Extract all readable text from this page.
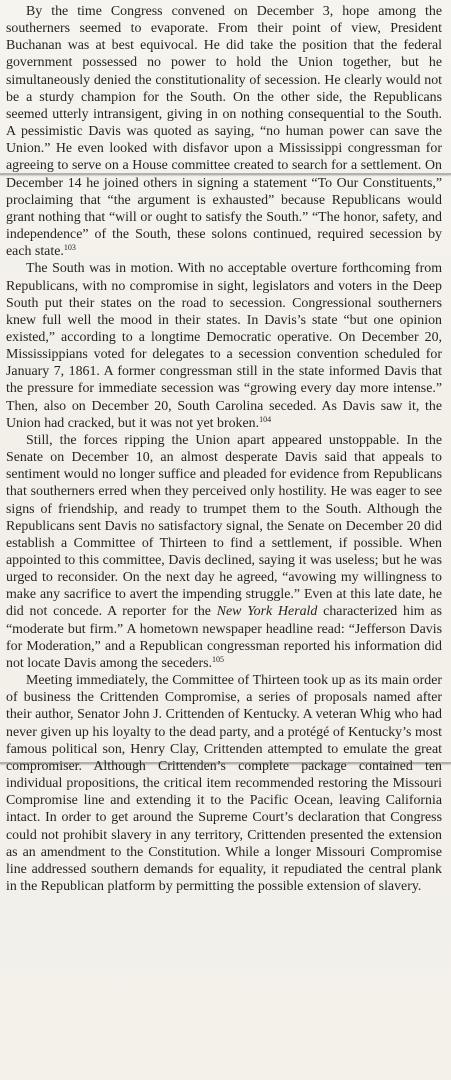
By the time Congress convened on December 3, hope among the southerners seemed to evaporate. From their point of view, President Buchanan was at best equivocal. He did take the position that the federal government possessed no power to hold the Union together, but he simultaneously denied the constitutionality of secession. He clearly would not be a sturdy champion for the South. On the other side, the Republicans seemed utterly intransigent, giving in on nothing consequential to the South. A pessimistic Davis was quoted as saying, “no human power can save the Union.” He even looked with disfavor upon a Mississippi congressman for agreeing to serve on a House committee created to search for a settlement. On December 14 he joined others in signing a statement “To Our Constituents,” proclaiming that “the argument is exhausted” because Republicans would grant nothing that “will or ought to satisfy the South.” “The honor, safety, and independence” of the South, these solons continued, required secession by each state.$^{103}$

The South was in motion. With no acceptable overture forthcoming from Republicans, with no compromise in sight, legislators and voters in the Deep South put their states on the road to secession. Congressional southerners knew full well the mood in their states. In Davis’s state “but one opinion existed,” according to a longtime Democratic operative. On December 20, Mississippians voted for delegates to a secession convention scheduled for January 7, 1861. A former congressman still in the state informed Davis that the pressure for immediate secession was “growing every day more intense.” Then, also on December 20, South Carolina seceded. As Davis saw it, the Union had cracked, but it was not yet broken.$^{104}$

Still, the forces ripping the Union apart appeared unstoppable. In the Senate on December 10, an almost desperate Davis said that appeals to sentiment would no longer suffice and pleaded for evidence from Republicans that southerners erred when they perceived only hostility. He was eager to see signs of friendship, and ready to trumpet them to the South. Although the Republicans sent Davis no satisfactory signal, the Senate on December 20 did establish a Committee of Thirteen to find a settlement, if possible. When appointed to this committee, Davis declined, saying it was useless; but he was urged to reconsider. On the next day he agreed, “avowing my willingness to make any sacrifice to avert the impending struggle.” Even at this late date, he did not concede. A reporter for the New York Herald characterized him as “moderate but firm.” A hometown newspaper headline read: “Jefferson Davis for Moderation,” and a Republican congressman reported his information did not locate Davis among the seceders.$^{105}$

Meeting immediately, the Committee of Thirteen took up as its main order of business the Crittenden Compromise, a series of proposals named after their author, Senator John J. Crittenden of Kentucky. A veteran Whig who had never given up his loyalty to the dead party, and a protégé of Kentucky’s most famous political son, Henry Clay, Crittenden attempted to emulate the great compromiser. Although Crittenden’s complete package contained ten individual propositions, the critical item recommended restoring the Missouri Compromise line and extending it to the Pacific Ocean, leaving California intact. In order to get around the Supreme Court’s declaration that Congress could not prohibit slavery in any territory, Crittenden presented the extension as an amendment to the Constitution. While a longer Missouri Compromise line addressed southern demands for equality, it repudiated the central plank in the Republican platform by permitting the possible extension of slavery.
